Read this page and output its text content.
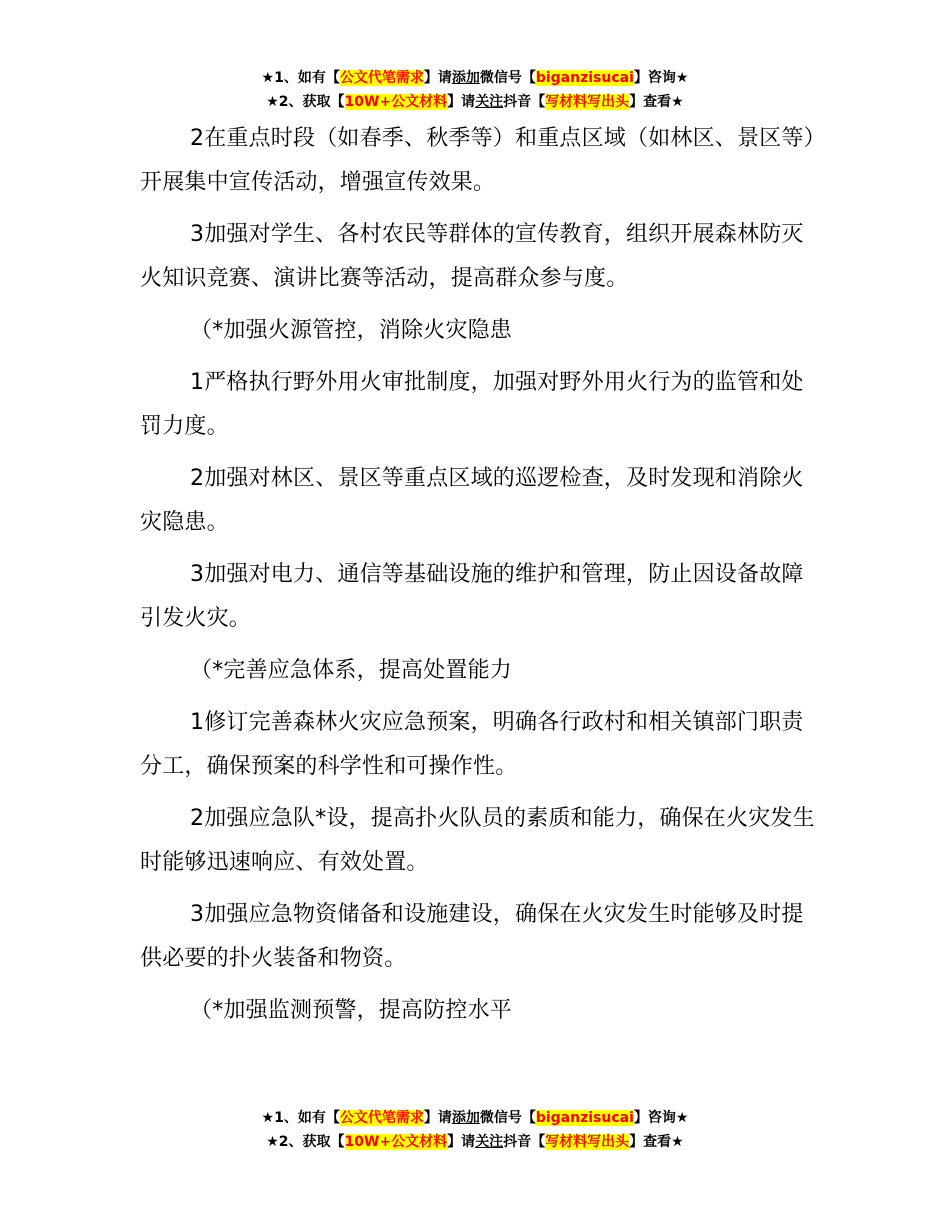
★1、如有【公文代笔需求】请添加微信号【biganzisucai】咨询★
★2、获取【10W+公文材料】请关注抖音【写材料写出头】查看★

2在重点时段（如春季、秋季等）和重点区域（如林区、景区等）开展集中宣传活动，增强宣传效果。

3加强对学生、各村农民等群体的宣传教育，组织开展森林防灭火知识竞赛、演讲比赛等活动，提高群众参与度。

（*加强火源管控，消除火灾隐患

1严格执行野外用火审批制度，加强对野外用火行为的监管和处罚力度。

2加强对林区、景区等重点区域的巡逻检查，及时发现和消除火灾隐患。

3加强对电力、通信等基础设施的维护和管理，防止因设备故障引发火灾。

（*完善应急体系，提高处置能力

1修订完善森林火灾应急预案，明确各行政村和相关镇部门职责分工，确保预案的科学性和可操作性。

2加强应急队*设，提高扑火队员的素质和能力，确保在火灾发生时能够迅速响应、有效处置。

3加强应急物资储备和设施建设，确保在火灾发生时能够及时提供必要的扑火装备和物资。

（*加强监测预警，提高防控水平

★1、如有【公文代笔需求】请添加微信号【biganzisucai】咨询★
★2、获取【10W+公文材料】请关注抖音【写材料写出头】查看★
